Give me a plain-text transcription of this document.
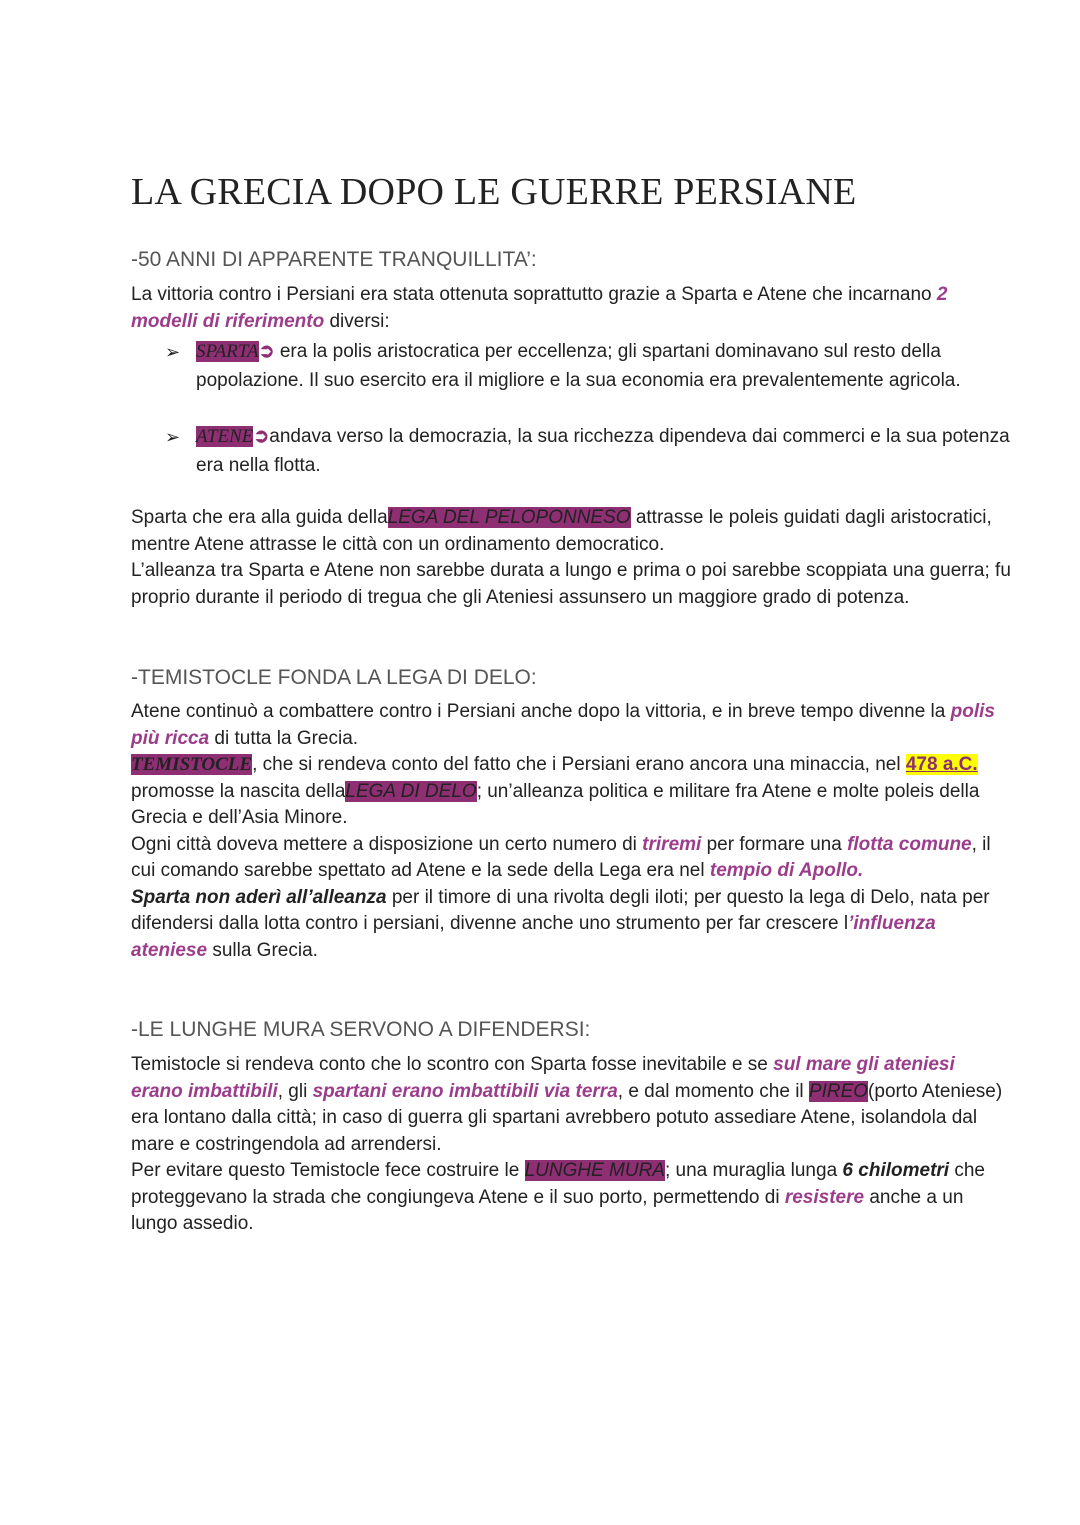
LA GRECIA DOPO LE GUERRE PERSIANE
-50 ANNI DI APPARENTE TRANQUILLITA’:

La vittoria contro i Persiani era stata ottenuta soprattutto grazie a Sparta e Atene che incarnano 2 modelli di riferimento diversi:

➢ SPARTA➲ era la polis aristocratica per eccellenza; gli spartani dominavano sul resto della popolazione. Il suo esercito era il migliore e la sua economia era prevalentemente agricola.

➢ ATENE➲andava verso la democrazia, la sua ricchezza dipendeva dai commerci e la sua potenza era nella flotta.

Sparta che era alla guida dellaLEGA DEL PELOPONNESO attrasse le poleis guidati dagli aristocratici, mentre Atene attrasse le città con un ordinamento democratico.
L’alleanza tra Sparta e Atene non sarebbe durata a lungo e prima o poi sarebbe scoppiata una guerra; fu proprio durante il periodo di tregua che gli Ateniesi assunsero un maggiore grado di potenza.

-TEMISTOCLE FONDA LA LEGA DI DELO:

Atene continuò a combattere contro i Persiani anche dopo la vittoria, e in breve tempo divenne la polis più ricca di tutta la Grecia.
TEMISTOCLE, che si rendeva conto del fatto che i Persiani erano ancora una minaccia, nel 478 a.C. promosse la nascita dellaLEGA DI DELO; un’alleanza politica e militare fra Atene e molte poleis della Grecia e dell’Asia Minore.
Ogni città doveva mettere a disposizione un certo numero di triremi per formare una flotta comune, il cui comando sarebbe spettato ad Atene e la sede della Lega era nel tempio di Apollo.
Sparta non aderì all’alleanza per il timore di una rivolta degli iloti; per questo la lega di Delo, nata per difendersi dalla lotta contro i persiani, divenne anche uno strumento per far crescere l’influenza ateniese sulla Grecia.

-LE LUNGHE MURA SERVONO A DIFENDERSI:

Temistocle si rendeva conto che lo scontro con Sparta fosse inevitabile e se sul mare gli ateniesi erano imbattibili, gli spartani erano imbattibili via terra, e dal momento che il PIREO(porto Ateniese) era lontano dalla città; in caso di guerra gli spartani avrebbero potuto assediare Atene, isolandola dal mare e costringendola ad arrendersi.
Per evitare questo Temistocle fece costruire le LUNGHE MURA; una muraglia lunga 6 chilometri che proteggevano la strada che congiungeva Atene e il suo porto, permettendo di resistere anche a un lungo assedio.
